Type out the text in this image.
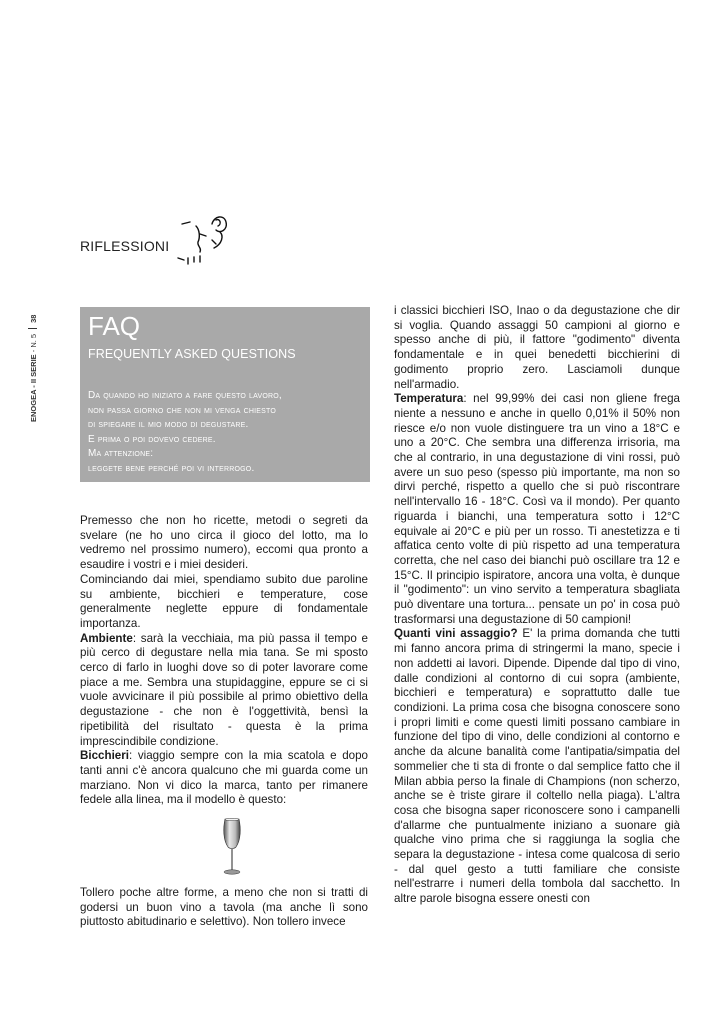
RIFLESSIONI
ENOGEA - II SERIE - N. 538 FAQ
FREQUENTLY ASKED QUESTIONS
Da quando ho iniziato a fare questo lavoro,
non passa giorno che non mi venga chiesto
di spiegare il mio modo di degustare.
E prima o poi dovevo cedere.
Ma attenzione:
leggete bene perché poi vi interrogo.

Premesso che non ho ricette, metodi o segreti da svelare (ne ho uno circa il gioco del lotto, ma lo vedremo nel prossimo numero), eccomi qua pronto a esaudire i vostri e i miei desideri.

Cominciando dai miei, spendiamo subito due paroline su ambiente, bicchieri e temperature, cose generalmente neglette eppure di fondamentale importanza.

Ambiente: sarà la vecchiaia, ma più passa il tempo e più cerco di degustare nella mia tana. Se mi sposto cerco di farlo in luoghi dove so di poter lavorare come piace a me. Sembra una stupidaggine, eppure se ci si vuole avvicinare il più possibile al primo obiettivo della degustazione - che non è l'oggettività, bensì la ripetibilità del risultato - questa è la prima imprescindibile condizione.

Bicchieri: viaggio sempre con la mia scatola e dopo tanti anni c'è ancora qualcuno che mi guarda come un marziano. Non vi dico la marca, tanto per rimanere fedele alla linea, ma il modello è questo:

Tollero poche altre forme, a meno che non si tratti di godersi un buon vino a tavola (ma anche lì sono piuttosto abitudinario e selettivo). Non tollero invece

i classici bicchieri ISO, Inao o da degustazione che dir si voglia. Quando assaggi 50 campioni al giorno e spesso anche di più, il fattore "godimento" diventa fondamentale e in quei benedetti bicchierini di godimento proprio zero. Lasciamoli dunque nell'armadio.

Temperatura: nel 99,99% dei casi non gliene frega niente a nessuno e anche in quello 0,01% il 50% non riesce e/o non vuole distinguere tra un vino a 18°C e uno a 20°C. Che sembra una differenza irrisoria, ma che al contrario, in una degustazione di vini rossi, può avere un suo peso (spesso più importante, ma non so dirvi perché, rispetto a quello che si può riscontrare nell'intervallo 16 - 18°C. Così va il mondo). Per quanto riguarda i bianchi, una temperatura sotto i 12°C equivale ai 20°C e più per un rosso. Ti anestetizza e ti affatica cento volte di più rispetto ad una temperatura corretta, che nel caso dei bianchi può oscillare tra 12 e 15°C. Il principio ispiratore, ancora una volta, è dunque il "godimento": un vino servito a temperatura sbagliata può diventare una tortura... pensate un po' in cosa può trasformarsi una degustazione di 50 campioni!

Quanti vini assaggio? E' la prima domanda che tutti mi fanno ancora prima di stringermi la mano, specie i non addetti ai lavori. Dipende. Dipende dal tipo di vino, dalle condizioni al contorno di cui sopra (ambiente, bicchieri e temperatura) e soprattutto dalle tue condizioni. La prima cosa che bisogna conoscere sono i propri limiti e come questi limiti possano cambiare in funzione del tipo di vino, delle condizioni al contorno e anche da alcune banalità come l'antipatia/simpatia del sommelier che ti sta di fronte o dal semplice fatto che il Milan abbia perso la finale di Champions (non scherzo, anche se è triste girare il coltello nella piaga). L'altra cosa che bisogna saper riconoscere sono i campanelli d'allarme che puntualmente iniziano a suonare già qualche vino prima che si raggiunga la soglia che separa la degustazione - intesa come qualcosa di serio - dal quel gesto a tutti familiare che consiste nell'estrarre i numeri della tombola dal sacchetto. In altre parole bisogna essere onesti con
